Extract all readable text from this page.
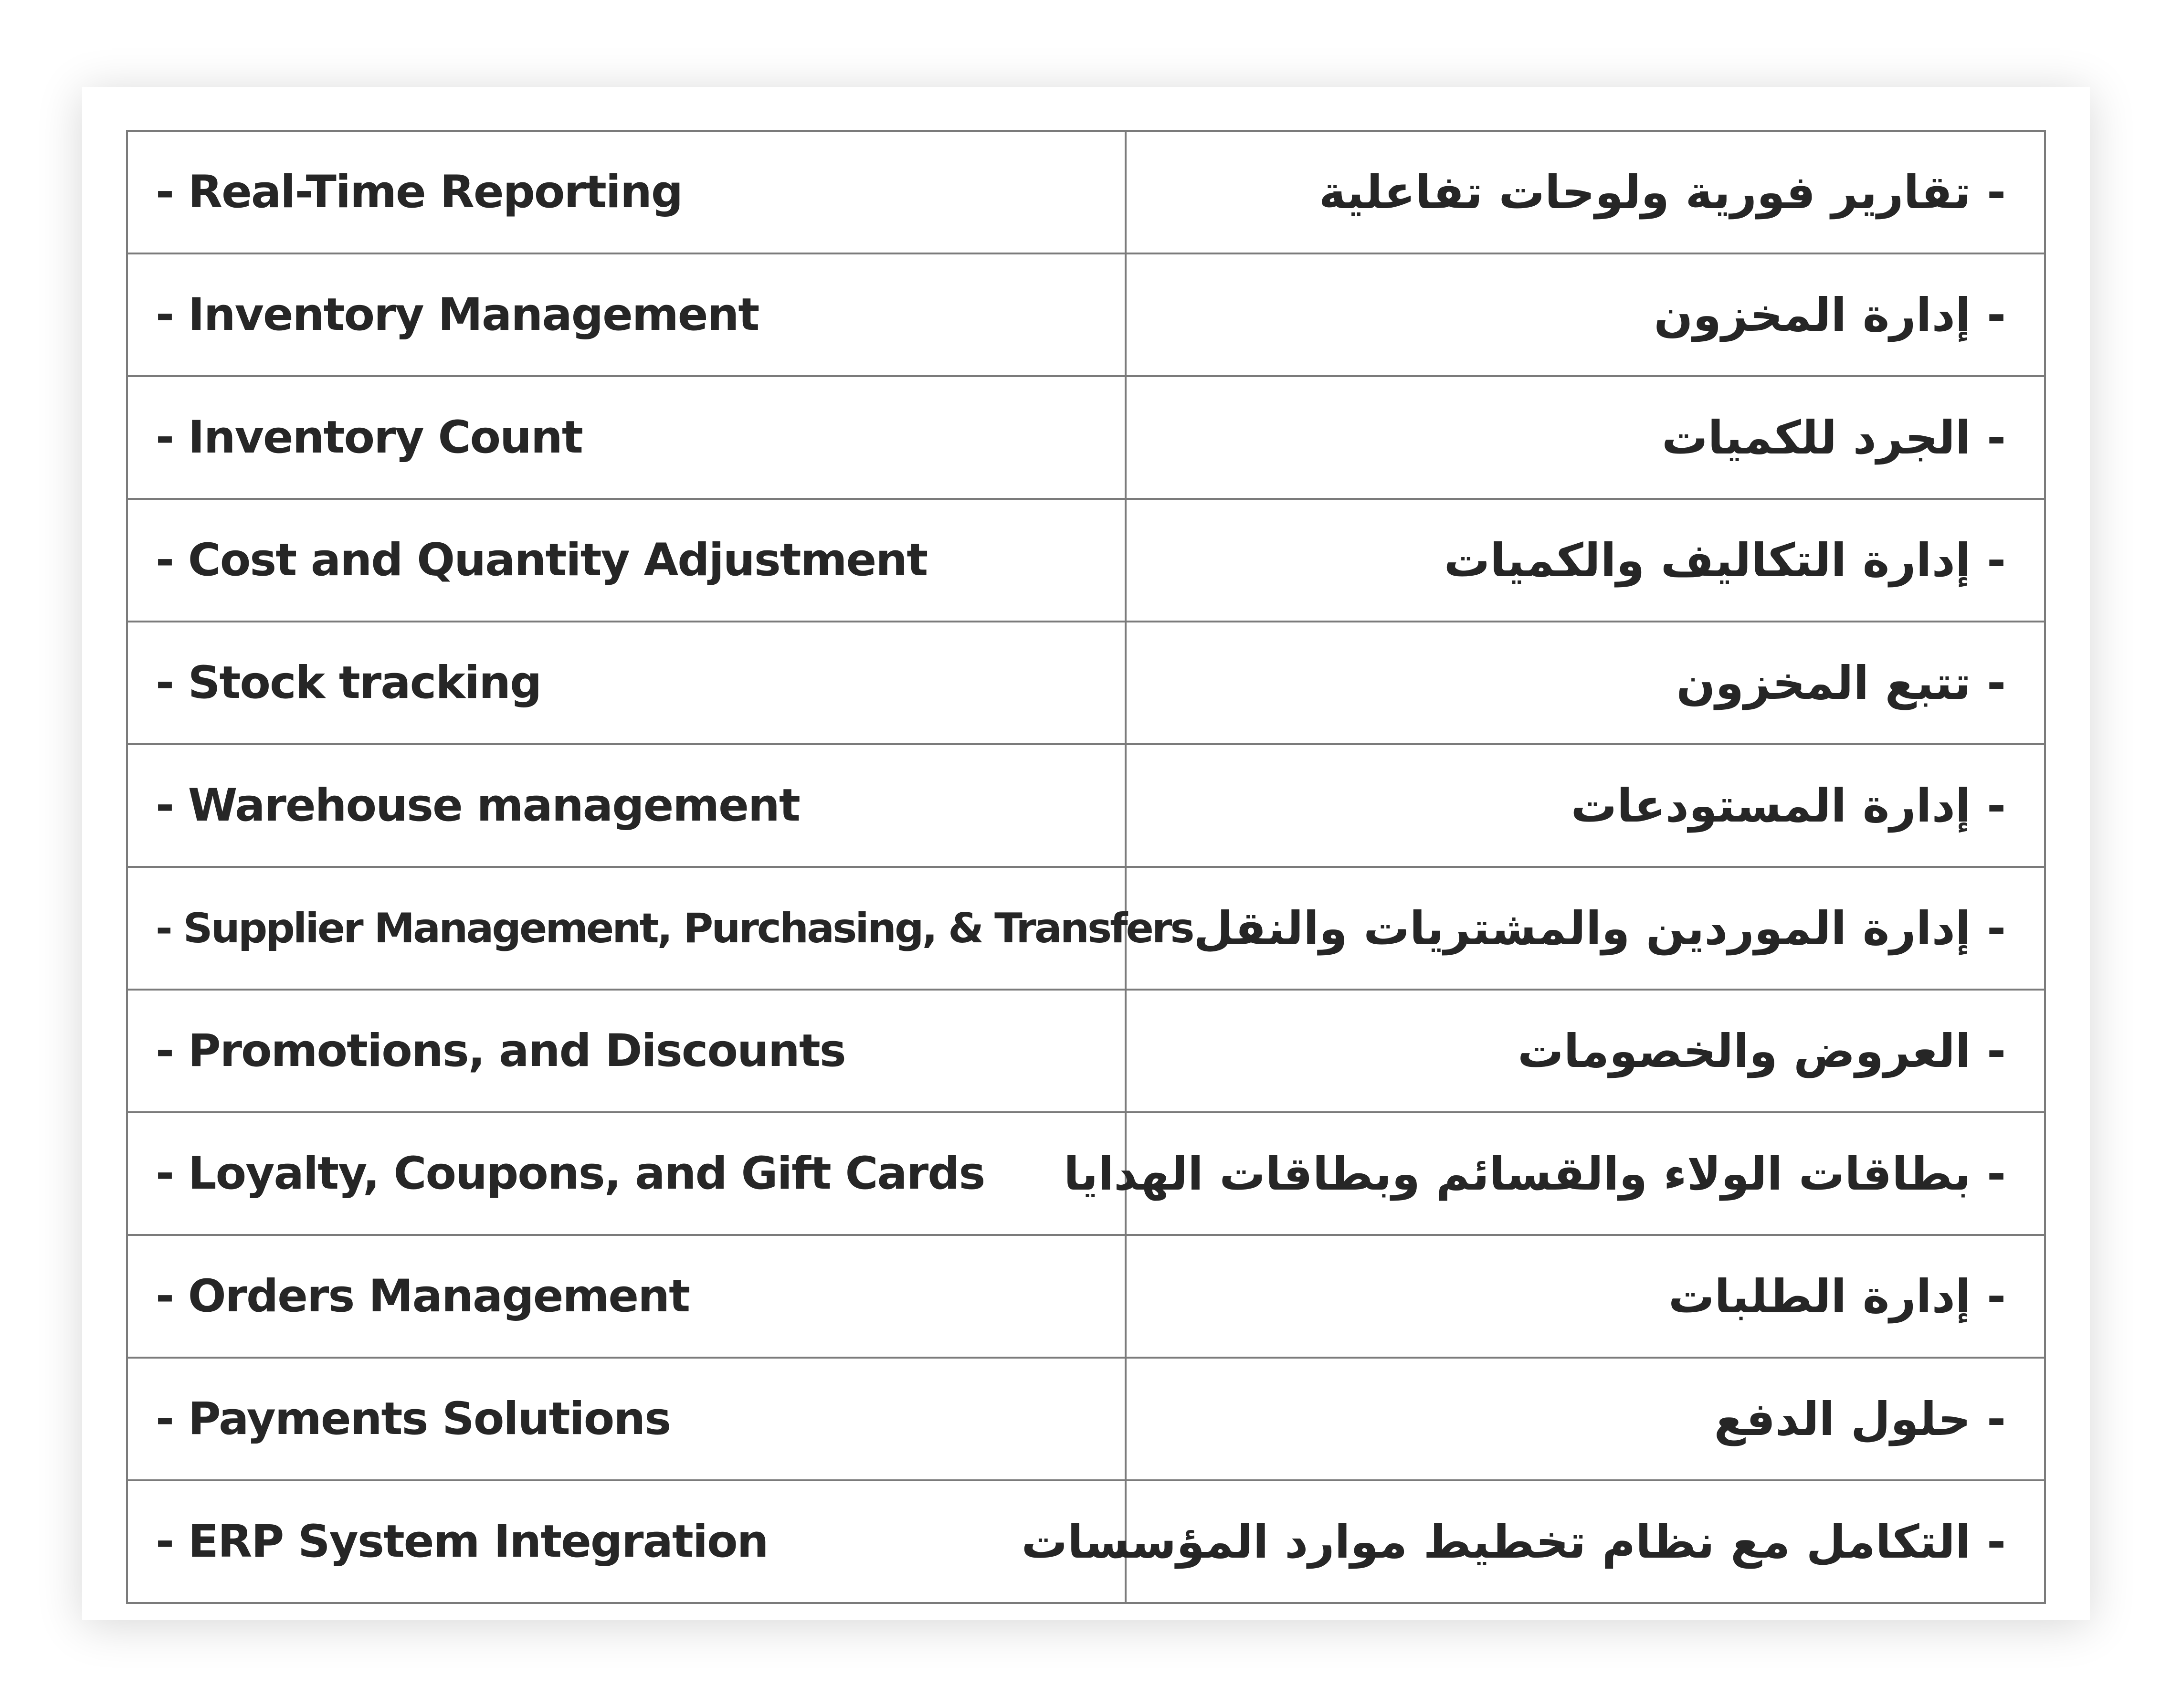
- Real-Time Reporting	- تقارير فورية ولوحات تفاعلية
- Inventory Management	- إدارة المخزون
- Inventory Count	- الجرد للكميات
- Cost and Quantity Adjustment	- إدارة التكاليف والكميات
- Stock tracking	- تتبع المخزون
- Warehouse management	- إدارة المستودعات
- Supplier Management, Purchasing, & Transfers	- إدارة الموردين والمشتريات والنقل
- Promotions, and Discounts	- العروض والخصومات
- Loyalty, Coupons, and Gift Cards	- بطاقات الولاء والقسائم وبطاقات الهدايا
- Orders Management	- إدارة الطلبات
- Payments Solutions	- حلول الدفع
- ERP System Integration	- التكامل مع نظام تخطيط موارد المؤسسات
